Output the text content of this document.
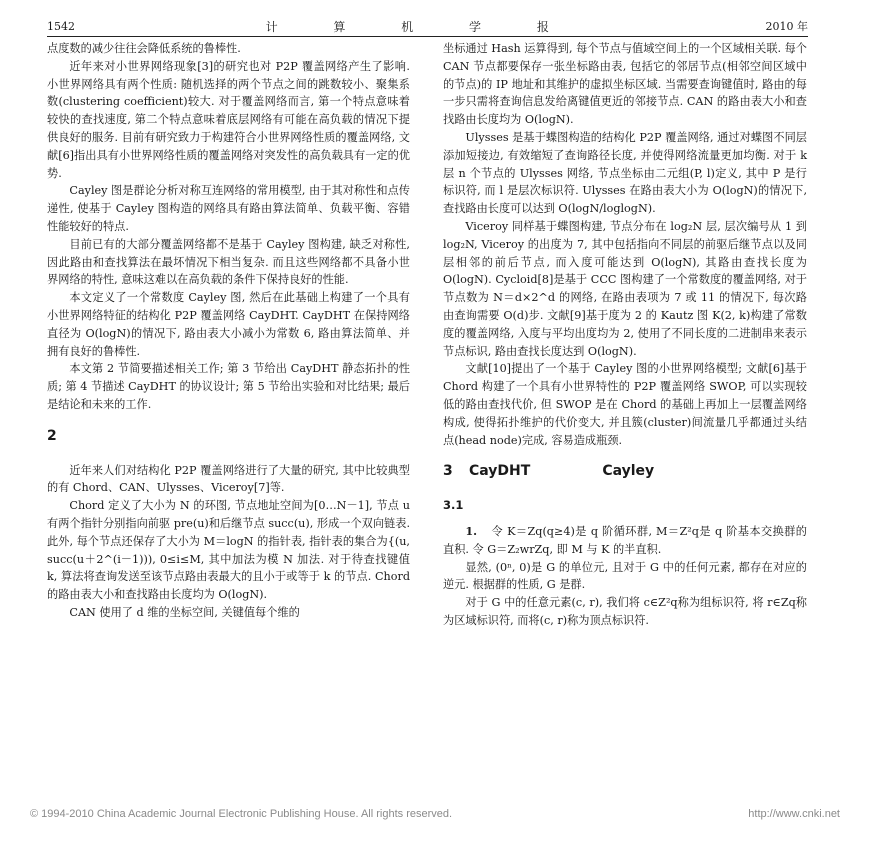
1542	计 算 机 学 报	2010 年

点度数的减少往往会降低系统的鲁棒性.

近年来对小世界网络现象[3]的研究也对 P2P 覆盖网络产生了影响. 小世界网络具有两个性质: 随机选择的两个节点之间的跳数较小、聚集系数(clustering coefficient)较大. 对于覆盖网络而言, 第一个特点意味着较快的查找速度, 第二个特点意味着底层网络有可能在高负载的情况下提供良好的服务. 目前有研究致力于构建符合小世界网络性质的覆盖网络, 文献[6]指出具有小世界网络性质的覆盖网络对突发性的高负载具有一定的优势.

Cayley 图是群论分析对称互连网络的常用模型, 由于其对称性和点传递性, 使基于 Cayley 图构造的网络具有路由算法简单、负载平衡、容错性能较好的特点.

目前已有的大部分覆盖网络都不是基于 Cayley 图构建, 缺乏对称性, 因此路由和查找算法在最坏情况下相当复杂. 而且这些网络都不具备小世界网络的特性, 意味这难以在高负载的条件下保持良好的性能.

本文定义了一个常数度 Cayley 图, 然后在此基础上构建了一个具有小世界网络特征的结构化 P2P 覆盖网络 CayDHT. CayDHT 在保持网络直径为 O(logN)的情况下, 路由表大小减小为常数 6, 路由算法简单、并拥有良好的鲁棒性.

本文第 2 节简要描述相关工作; 第 3 节给出 CayDHT 静态拓扑的性质; 第 4 节描述 CayDHT 的协议设计; 第 5 节给出实验和对比结果; 最后是结论和未来的工作.

2

近年来人们对结构化 P2P 覆盖网络进行了大量的研究, 其中比较典型的有 Chord、CAN、Ulysses、Viceroy[7]等.

Chord 定义了大小为 N 的环图, 节点地址空间为[0…N－1], 节点 u 有两个指针分别指向前驱 pre(u)和后继节点 succ(u), 形成一个双向链表. 此外, 每个节点还保存了大小为 M＝logN 的指针表, 指针表的集合为{(u, succ(u＋2^(i－1))), 0≤i≤M, 其中加法为模 N 加法. 对于待查找键值 k, 算法将查询发送至该节点路由表最大的且小于或等于 k 的节点. Chord 的路由表大小和查找路由长度均为 O(logN).

CAN 使用了 d 维的坐标空间, 关键值每个维的

坐标通过 Hash 运算得到, 每个节点与值域空间上的一个区域相关联. 每个 CAN 节点都要保存一张坐标路由表, 包括它的邻居节点(相邻空间区域中的节点)的 IP 地址和其维护的虚拟坐标区域. 当需要查询键值时, 路由的每一步只需将查询信息发给离键值更近的邻接节点. CAN 的路由表大小和查找路由长度均为 O(logN).

Ulysses 是基于蝶图构造的结构化 P2P 覆盖网络, 通过对蝶图不同层添加短接边, 有效缩短了查询路径长度, 并使得网络流量更加均衡. 对于 k 层 n 个节点的 Ulysses 网络, 节点坐标由二元组(P, l)定义, 其中 P 是行标识符, 而 l 是层次标识符. Ulysses 在路由表大小为 O(logN)的情况下, 查找路由长度可以达到 O(logN/loglogN).

Viceroy 同样基于蝶图构建, 节点分布在 log₂N 层, 层次编号从 1 到 log₂N, Viceroy 的出度为 7, 其中包括指向不同层的前驱后继节点以及同层相邻的前后节点, 而入度可能达到 O(logN), 其路由查找长度为 O(logN). Cycloid[8]是基于 CCC 图构建了一个常数度的覆盖网络, 对于节点数为 N＝d×2^d 的网络, 在路由表项为 7 或 11 的情况下, 每次路由查询需要 O(d)步. 文献[9]基于度为 2 的 Kautz 图 K(2, k)构建了常数度的覆盖网络, 入度与平均出度均为 2, 使用了不同长度的二进制串来表示节点标识, 路由查找长度达到 O(logN).

文献[10]提出了一个基于 Cayley 图的小世界网络模型; 文献[6]基于 Chord 构建了一个具有小世界特性的 P2P 覆盖网络 SWOP, 可以实现较低的路由查找代价, 但 SWOP 是在 Chord 的基础上再加上一层覆盖网络构成, 使得拓扑维护的代价变大, 并且簇(cluster)间流量几乎都通过头结点(head node)完成, 容易造成瓶颈.

3	CayDHT	Cayley
3.1

1. 令 K＝Zq(q≥4)是 q 阶循环群, M＝Z²q是 q 阶基本交换群的直积. 令 G＝Z₂wrZq, 即 M 与 K 的半直积.

显然, (0ⁿ, 0)是 G 的单位元, 且对于 G 中的任何元素, 都存在对应的逆元. 根据群的性质, G 是群.

对于 G 中的任意元素(c, r), 我们将 c∈Z²q称为组标识符, 将 r∈Zq称为区域标识符, 而将(c, r)称为顶点标识符.

© 1994-2010 China Academic Journal Electronic Publishing House. All rights reserved.	http://www.cnki.net
